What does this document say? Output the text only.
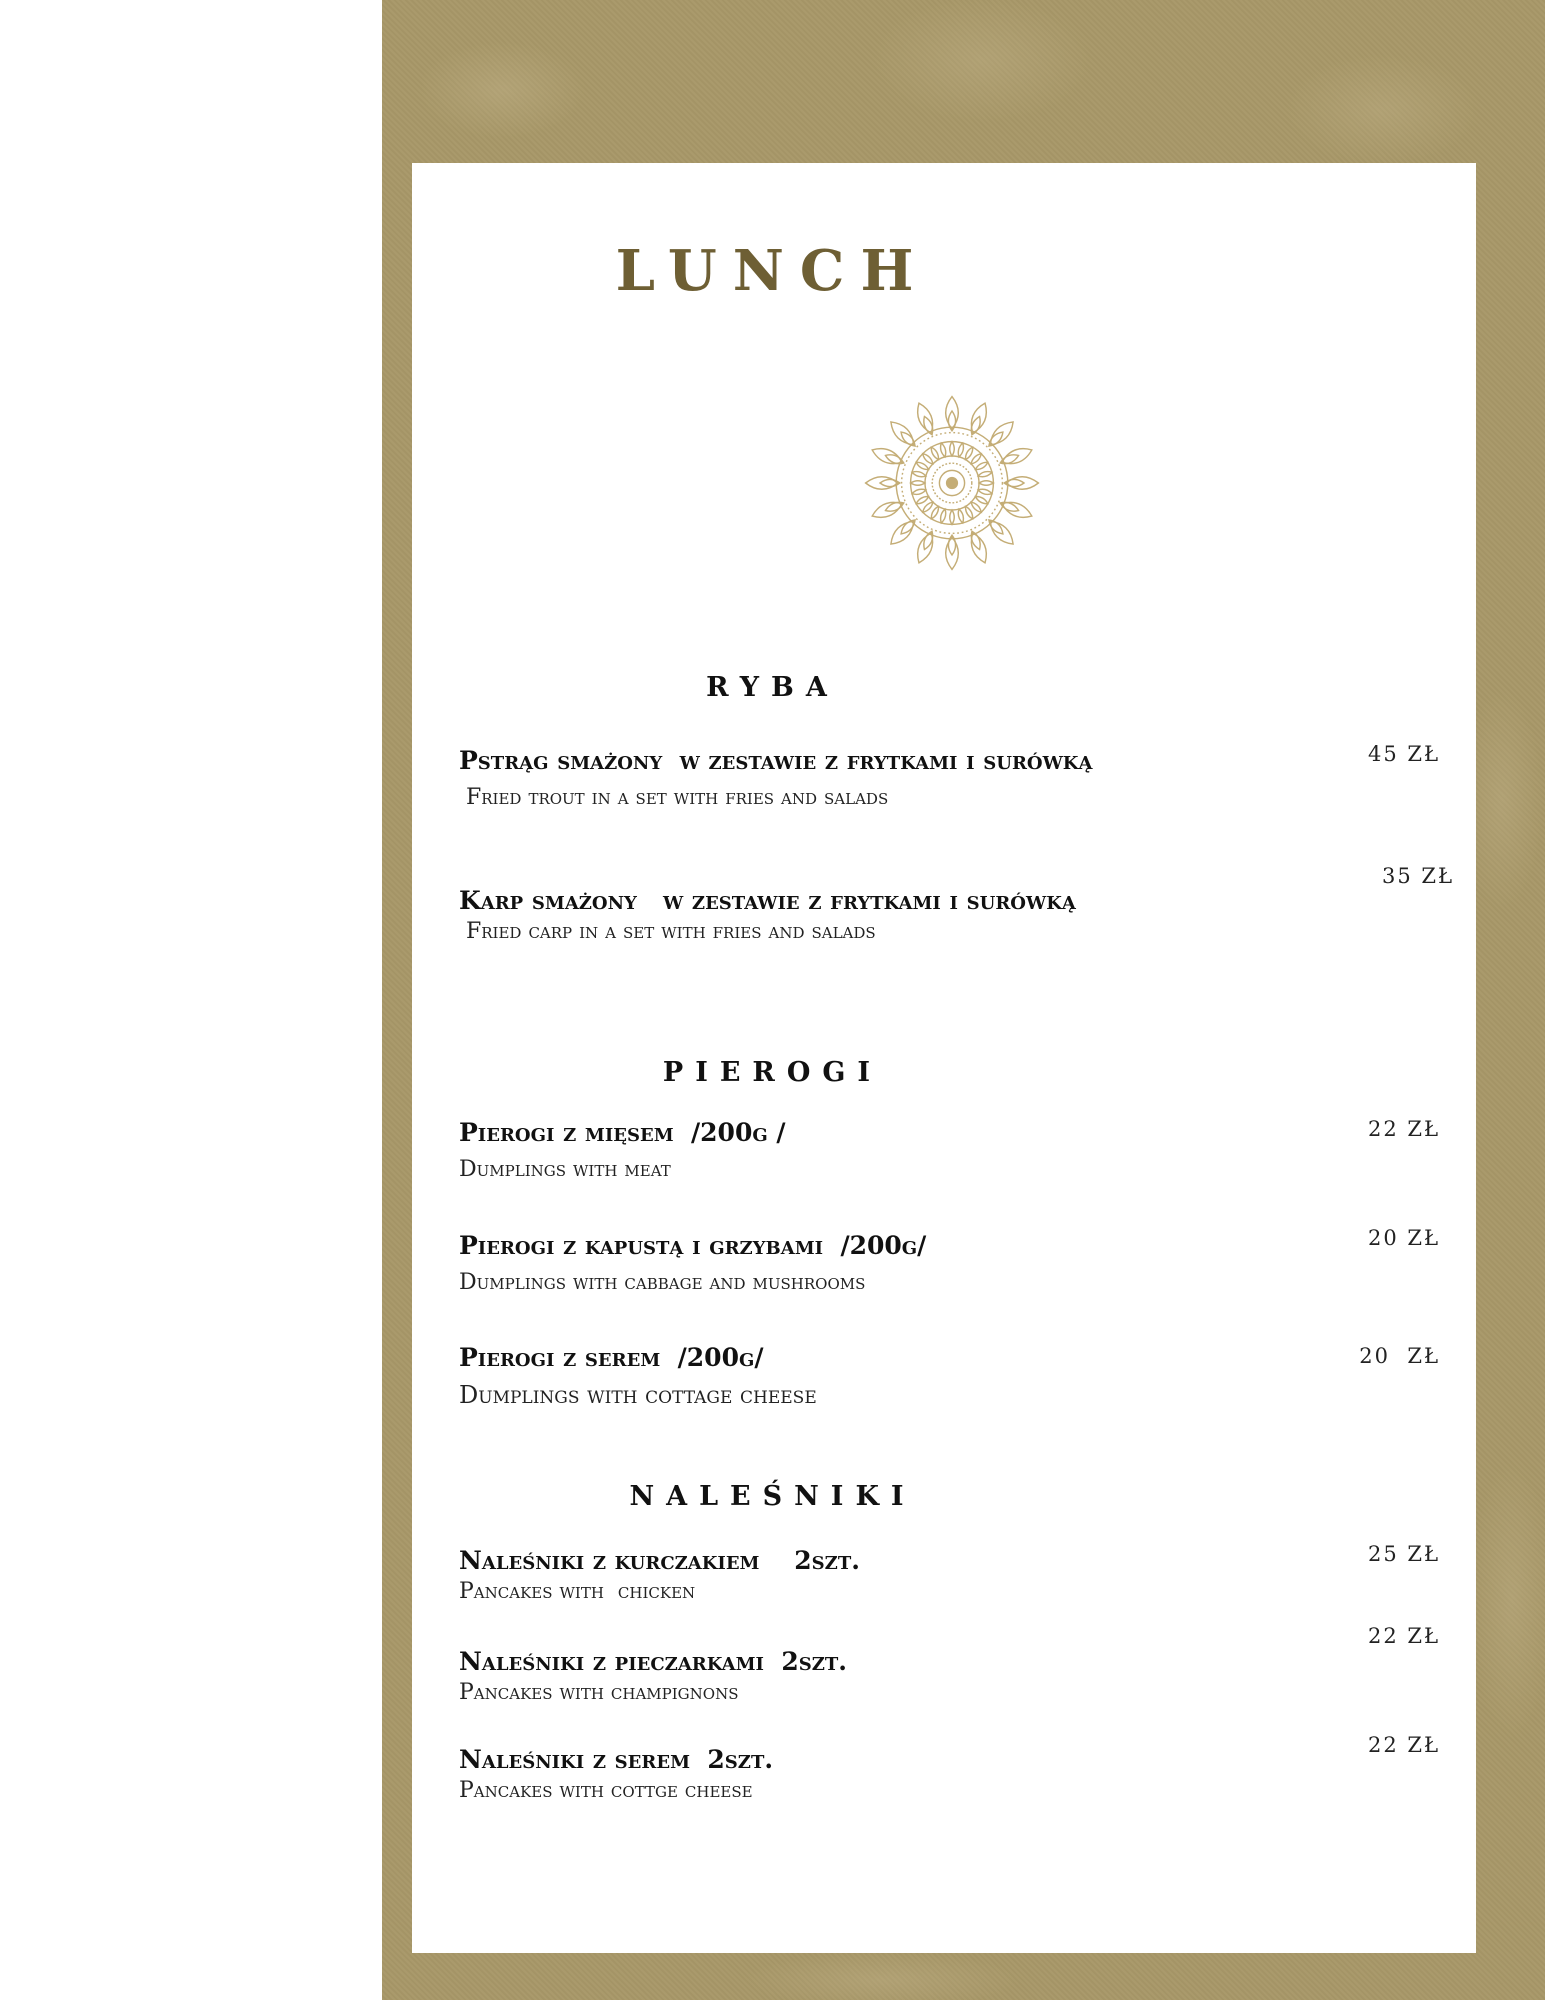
LUNCH
RYBA
Pstrąg smażony  w zestawie z frytkami i surówką
Fried trout in a set with fries and salads
45 ZŁ
Karp smażony   w zestawie z frytkami i surówką
Fried carp in a set with fries and salads
35 ZŁ
PIEROGI
Pierogi z mięsem  /200g /
Dumplings with meat
22 ZŁ
Pierogi z kapustą i grzybami  /200g/
Dumplings with cabbage and mushrooms
20 ZŁ
Pierogi z serem  /200g/
Dumplings with cottage cheese
20  ZŁ
NALEŚNIKI
Naleśniki z kurczakiem    2szt.
Pancakes with  chicken
25 ZŁ
Naleśniki z pieczarkami  2szt.
Pancakes with champignons
22 ZŁ
Naleśniki z serem  2szt.
Pancakes with cottge cheese
22 ZŁ
